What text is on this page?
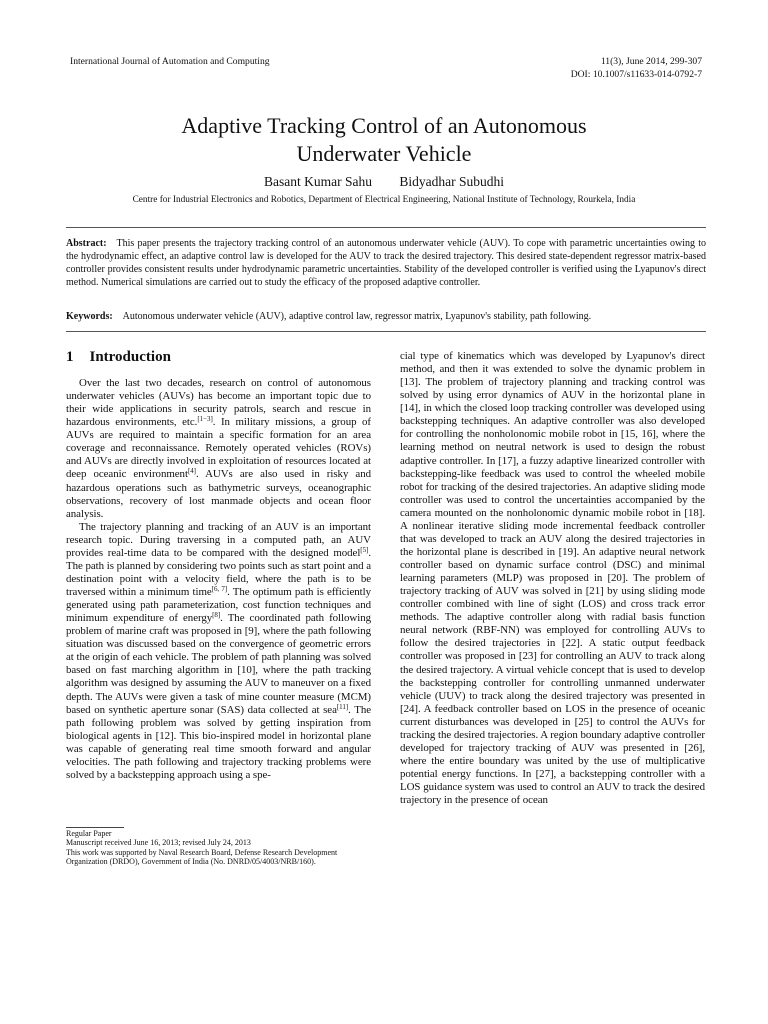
International Journal of Automation and Computing	11(3), June 2014, 299-307
DOI: 10.1007/s11633-014-0792-7
Adaptive Tracking Control of an Autonomous
Underwater Vehicle
Basant Kumar Sahu Bidyadhar Subudhi
Centre for Industrial Electronics and Robotics, Department of Electrical Engineering, National Institute of Technology, Rourkela, India
Abstract: This paper presents the trajectory tracking control of an autonomous underwater vehicle (AUV). To cope with parametric uncertainties owing to the hydrodynamic effect, an adaptive control law is developed for the AUV to track the desired trajectory. This desired state-dependent regressor matrix-based controller provides consistent results under hydrodynamic parametric uncertainties. Stability of the developed controller is verified using the Lyapunov's direct method. Numerical simulations are carried out to study the efficacy of the proposed adaptive controller.
Keywords: Autonomous underwater vehicle (AUV), adaptive control law, regressor matrix, Lyapunov's stability, path following.
1 Introduction

Over the last two decades, research on control of autonomous underwater vehicles (AUVs) has become an important topic due to their wide applications in security patrols, search and rescue in hazardous environments, etc.[1−3]. In military missions, a group of AUVs are required to maintain a specific formation for an area coverage and reconnaissance. Remotely operated vehicles (ROVs) and AUVs are directly involved in exploitation of resources located at deep oceanic environment[4]. AUVs are also used in risky and hazardous operations such as bathymetric surveys, oceanographic observations, recovery of lost manmade objects and ocean floor analysis.

The trajectory planning and tracking of an AUV is an important research topic. During traversing in a computed path, an AUV provides real-time data to be compared with the designed model[5]. The path is planned by considering two points such as start point and a destination point with a velocity field, where the path is to be traversed within a minimum time[6, 7]. The optimum path is efficiently generated using path parameterization, cost function techniques and minimum expenditure of energy[8]. The coordinated path following problem of marine craft was proposed in [9], where the path following situation was discussed based on the convergence of geometric errors at the origin of each vehicle. The problem of path planning was solved based on fast marching algorithm in [10], where the path tracking algorithm was designed by assuming the AUV to maneuver on a fixed depth. The AUVs were given a task of mine counter measure (MCM) based on synthetic aperture sonar (SAS) data collected at sea[11]. The path following problem was solved by getting inspiration from biological agents in [12]. This bio-inspired model in horizontal plane was capable of generating real time smooth forward and angular velocities. The path following and trajectory tracking problems were solved by a backstepping approach using a spe-

cial type of kinematics which was developed by Lyapunov's direct method, and then it was extended to solve the dynamic problem in [13]. The problem of trajectory planning and tracking control was solved by using error dynamics of AUV in the horizontal plane in [14], in which the closed loop tracking controller was developed using backstepping techniques. An adaptive controller was also developed for controlling the nonholonomic mobile robot in [15, 16], where the learning method on neutral network is used to design the robust adaptive controller. In [17], a fuzzy adaptive linearized controller with backstepping-like feedback was used to control the wheeled mobile robot for tracking of the desired trajectories. An adaptive sliding mode controller was used to control the uncertainties accompanied by the camera mounted on the nonholonomic dynamic mobile robot in [18]. A nonlinear iterative sliding mode incremental feedback controller that was developed to track an AUV along the desired trajectories in the horizontal plane is described in [19]. An adaptive neural network controller based on dynamic surface control (DSC) and minimal learning parameters (MLP) was proposed in [20]. The problem of trajectory tracking of AUV was solved in [21] by using sliding mode controller combined with line of sight (LOS) and cross track error methods. The adaptive controller along with radial basis function neural network (RBF-NN) was employed for controlling AUVs to follow the desired trajectories in [22]. A static output feedback controller was proposed in [23] for controlling an AUV to track along the desired trajectory. A virtual vehicle concept that is used to develop the backstepping controller for controlling unmanned underwater vehicle (UUV) to track along the desired trajectory was presented in [24]. A feedback controller based on LOS in the presence of oceanic current disturbances was developed in [25] to control the AUVs for tracking the desired trajectories. A region boundary adaptive controller developed for trajectory tracking of AUV was presented in [26], where the entire boundary was united by the use of multiplicative potential energy functions. In [27], a backstepping controller with a LOS guidance system was used to control an AUV to track the desired trajectory in the presence of ocean

Regular Paper
Manuscript received June 16, 2013; revised July 24, 2013
This work was supported by Naval Research Board, Defense Research Development Organization (DRDO), Government of India (No. DNRD/05/4003/NRB/160).
